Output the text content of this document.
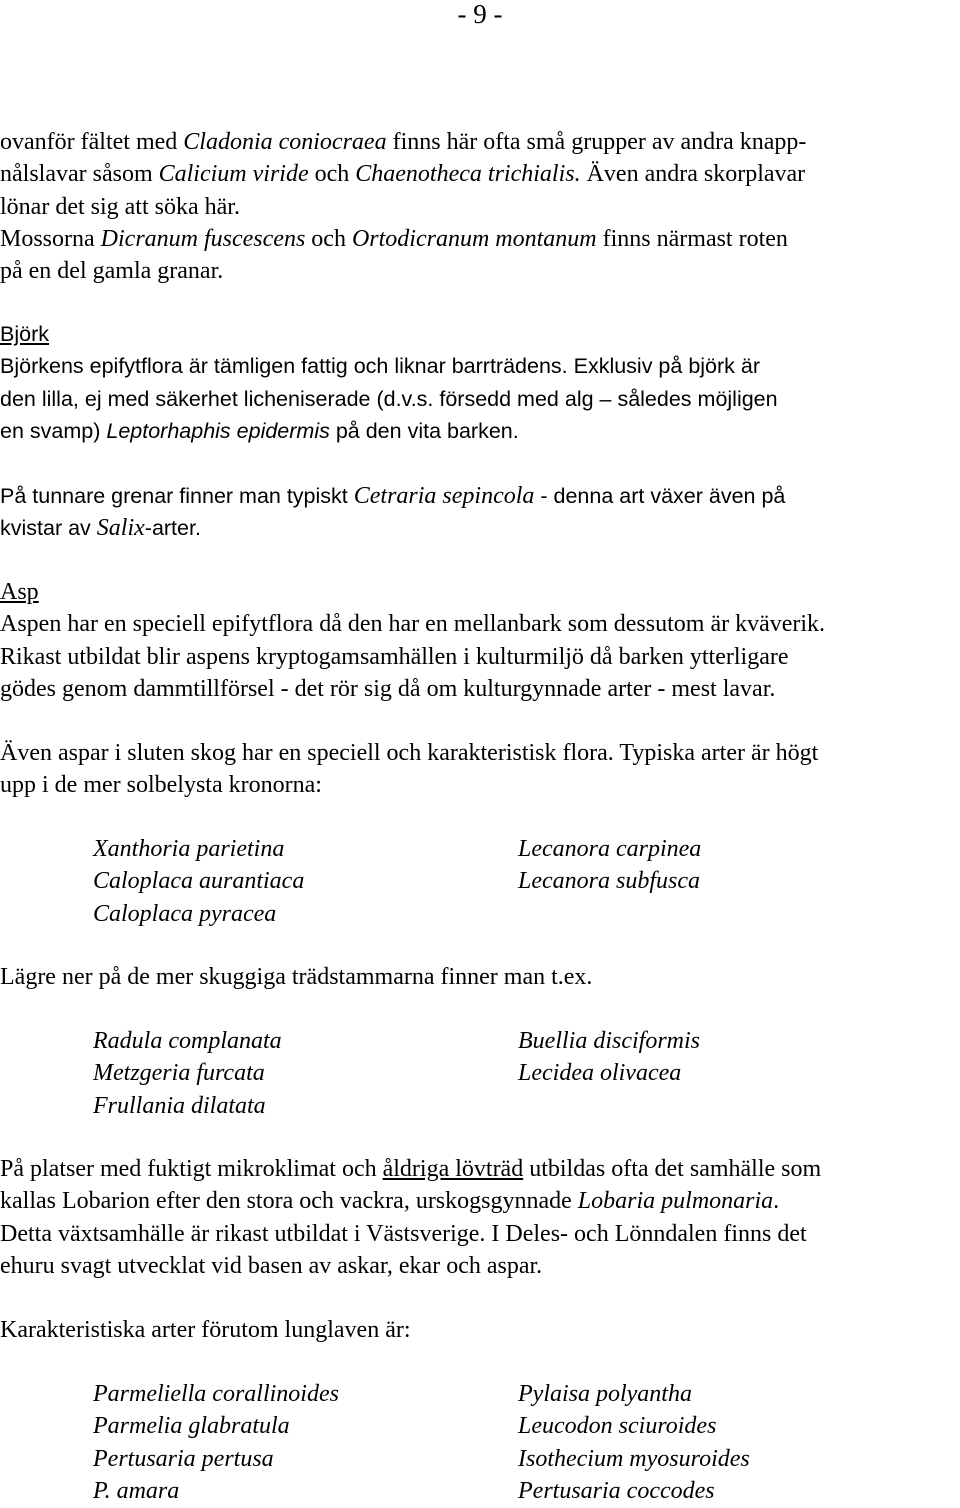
- 9 -
ovanför fältet med Cladonia coniocraea finns här ofta små grupper av andra knapp-
nålslavar såsom Calicium viride och Chaenotheca trichialis. Även andra skorplavar
lönar det sig att söka här.
Mossorna Dicranum fuscescens och Ortodicranum montanum finns närmast roten
på en del gamla granar.
Björk
Björkens epifytflora är tämligen fattig och liknar barrträdens. Exklusiv på björk är
den lilla, ej med säkerhet licheniserade (d.v.s. försedd med alg – således möjligen
en svamp) Leptorhaphis epidermis på den vita barken.
På tunnare grenar finner man typiskt Cetraria sepincola - denna art växer även på
kvistar av Salix-arter.
Asp
Aspen har en speciell epifytflora då den har en mellanbark som dessutom är kväverik.
Rikast utbildat blir aspens kryptogamsamhällen i kulturmiljö då barken ytterligare
gödes genom dammtillförsel - det rör sig då om kulturgynnade arter - mest lavar.
Även aspar i sluten skog har en speciell och karakteristisk flora. Typiska arter är högt
upp i de mer solbelysta kronorna:
Xanthoria parietina
Caloplaca aurantiaca
Caloplaca pyracea
Lecanora carpinea
Lecanora subfusca
Lägre ner på de mer skuggiga trädstammarna finner man t.ex.
Radula complanata
Metzgeria furcata
Frullania dilatata
Buellia disciformis
Lecidea olivacea
På platser med fuktigt mikroklimat och åldriga lövträd utbildas ofta det samhälle som
kallas Lobarion efter den stora och vackra, urskogsgynnade Lobaria pulmonaria.
Detta växtsamhälle är rikast utbildat i Västsverige. I Deles- och Lönndalen finns det
ehuru svagt utvecklat vid basen av askar, ekar och aspar.
Karakteristiska arter förutom lunglaven är:
Parmeliella corallinoides
Parmelia glabratula
Pertusaria pertusa
P. amara
Pylaisa polyantha
Leucodon sciuroides
Isothecium myosuroides
Pertusaria coccodes
